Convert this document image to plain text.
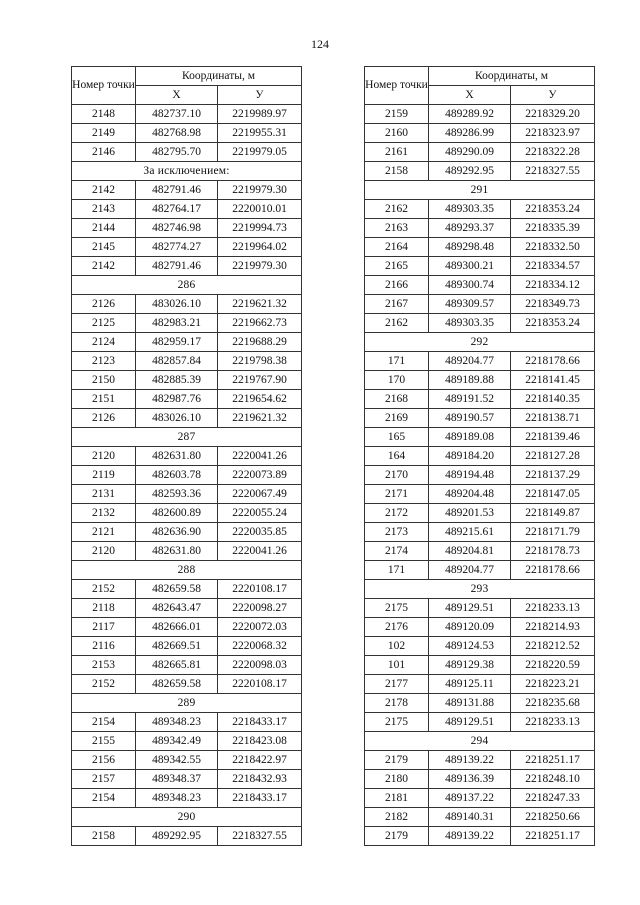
124
Номер точки	Координаты, м	
	X	У
2148	482737.10	2219989.97
2149	482768.98	2219955.31
2146	482795.70	2219979.05
За исключением:		
2142	482791.46	2219979.30
2143	482764.17	2220010.01
2144	482746.98	2219994.73
2145	482774.27	2219964.02
2142	482791.46	2219979.30
286		
2126	483026.10	2219621.32
2125	482983.21	2219662.73
2124	482959.17	2219688.29
2123	482857.84	2219798.38
2150	482885.39	2219767.90
2151	482987.76	2219654.62
2126	483026.10	2219621.32
287		
2120	482631.80	2220041.26
2119	482603.78	2220073.89
2131	482593.36	2220067.49
2132	482600.89	2220055.24
2121	482636.90	2220035.85
2120	482631.80	2220041.26
288		
2152	482659.58	2220108.17
2118	482643.47	2220098.27
2117	482666.01	2220072.03
2116	482669.51	2220068.32
2153	482665.81	2220098.03
2152	482659.58	2220108.17
289		
2154	489348.23	2218433.17
2155	489342.49	2218423.08
2156	489342.55	2218422.97
2157	489348.37	2218432.93
2154	489348.23	2218433.17
290		
2158	489292.95	2218327.55
Номер точки	Координаты, м	
	X	У
2159	489289.92	2218329.20
2160	489286.99	2218323.97
2161	489290.09	2218322.28
2158	489292.95	2218327.55
291		
2162	489303.35	2218353.24
2163	489293.37	2218335.39
2164	489298.48	2218332.50
2165	489300.21	2218334.57
2166	489300.74	2218334.12
2167	489309.57	2218349.73
2162	489303.35	2218353.24
292		
171	489204.77	2218178.66
170	489189.88	2218141.45
2168	489191.52	2218140.35
2169	489190.57	2218138.71
165	489189.08	2218139.46
164	489184.20	2218127.28
2170	489194.48	2218137.29
2171	489204.48	2218147.05
2172	489201.53	2218149.87
2173	489215.61	2218171.79
2174	489204.81	2218178.73
171	489204.77	2218178.66
293		
2175	489129.51	2218233.13
2176	489120.09	2218214.93
102	489124.53	2218212.52
101	489129.38	2218220.59
2177	489125.11	2218223.21
2178	489131.88	2218235.68
2175	489129.51	2218233.13
294		
2179	489139.22	2218251.17
2180	489136.39	2218248.10
2181	489137.22	2218247.33
2182	489140.31	2218250.66
2179	489139.22	2218251.17
